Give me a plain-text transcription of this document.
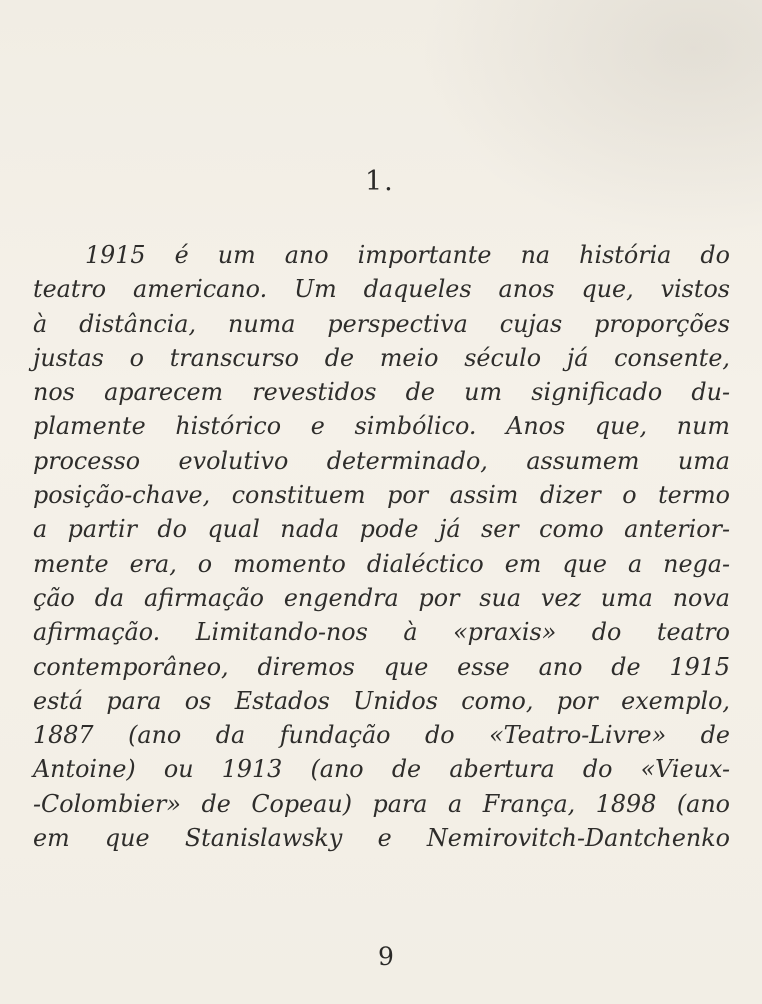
1.

1915 é um ano importante na história do
teatro americano. Um daqueles anos que, vistos
à distância, numa perspectiva cujas proporções
justas o transcurso de meio século já consente,
nos aparecem revestidos de um significado du-
plamente histórico e simbólico. Anos que, num
processo evolutivo determinado, assumem uma
posição-chave, constituem por assim dizer o termo
a partir do qual nada pode já ser como anterior-
mente era, o momento dialéctico em que a nega-
ção da afirmação engendra por sua vez uma nova
afirmação. Limitando-nos à «praxis» do teatro
contemporâneo, diremos que esse ano de 1915
está para os Estados Unidos como, por exemplo,
1887 (ano da fundação do «Teatro-Livre» de
Antoine) ou 1913 (ano de abertura do «Vieux-
-Colombier» de Copeau) para a França, 1898 (ano
em que Stanislawsky e Nemirovitch-Dantchenko

9
